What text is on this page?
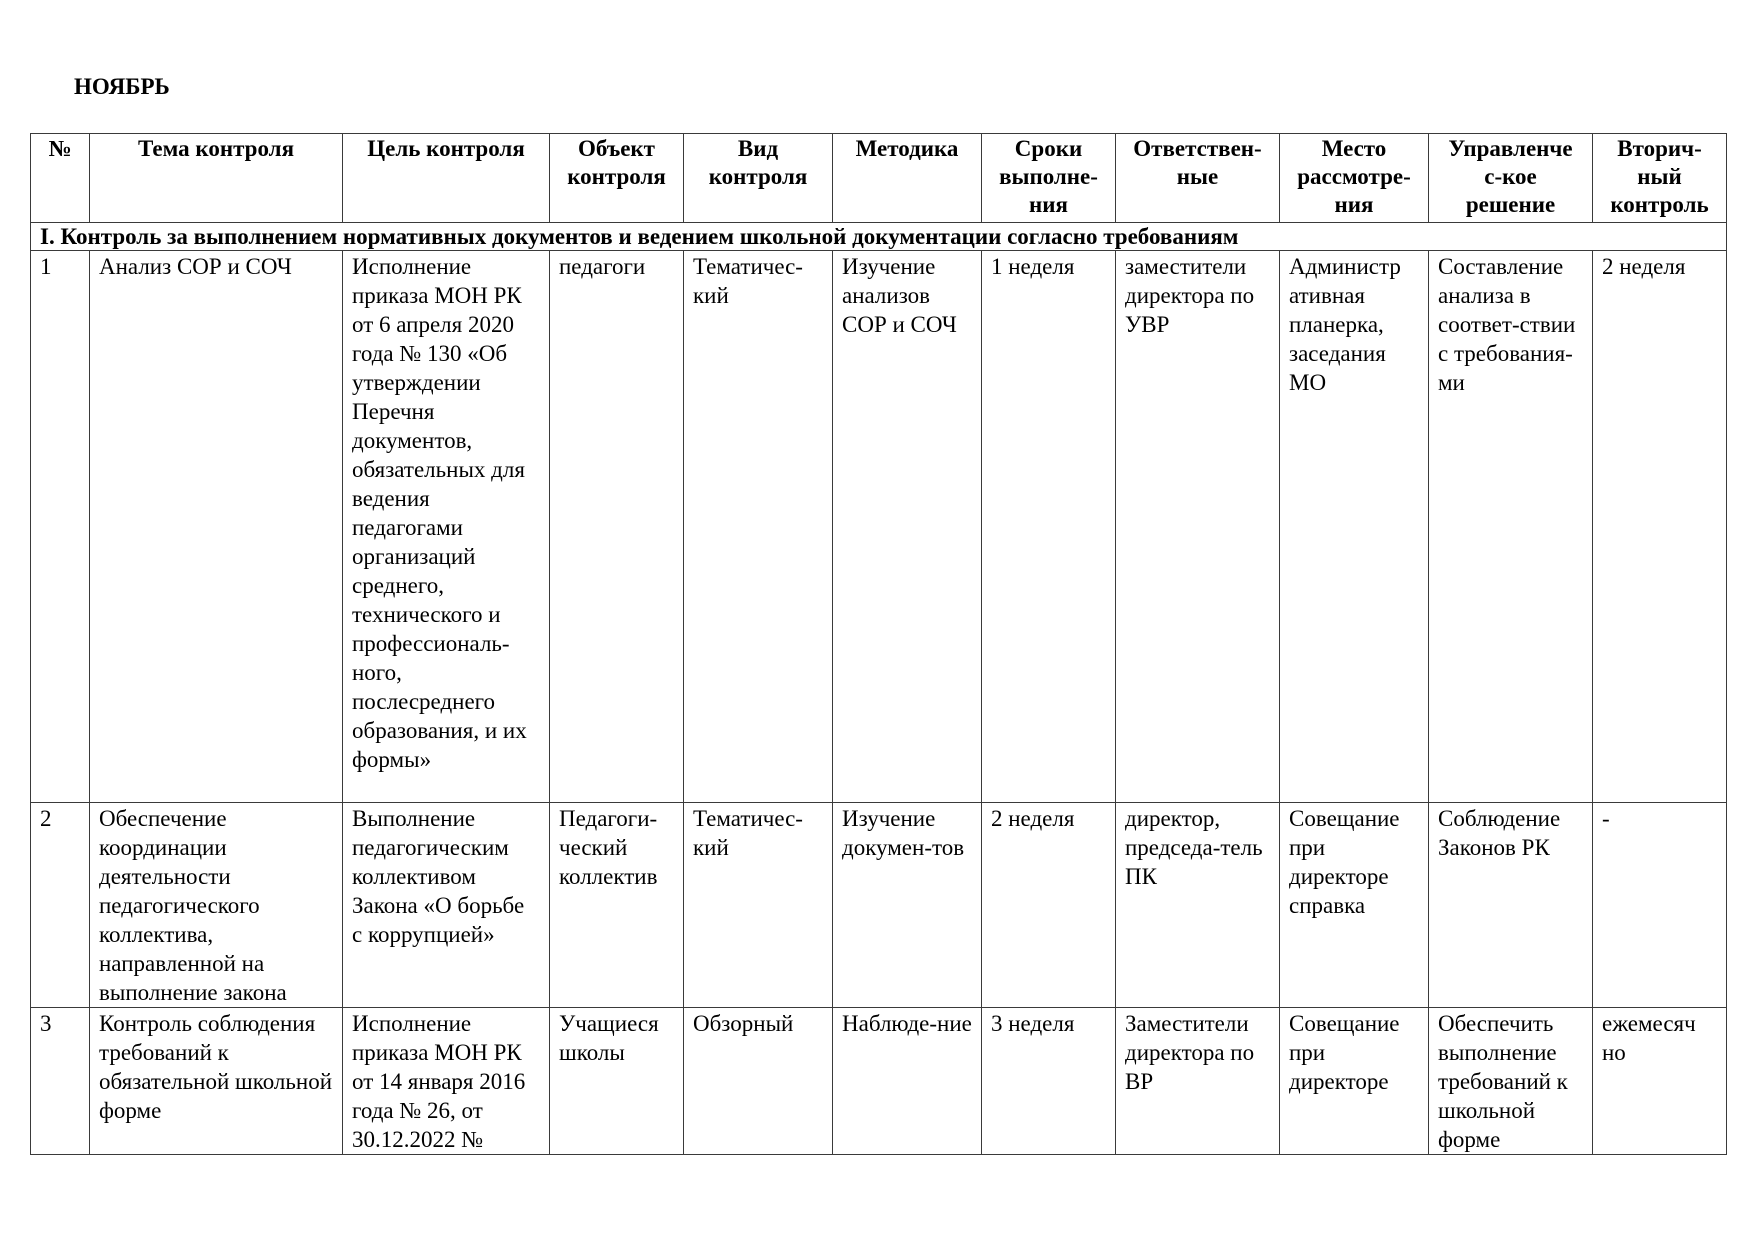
НОЯБРЬ

№	Тема контроля	Цель контроля	Объект контроля	Вид контроля	Методика	Сроки выполне-ния	Ответствен-ные	Место рассмотре-ния	Управленче с-кое решение	Вторич-ный контроль
I. Контроль за выполнением нормативных документов и ведением школьной документации согласно требованиям										
1	Анализ СОР и СОЧ	Исполнение приказа МОН РК от 6 апреля 2020 года № 130 «Об утверждении Перечня документов, обязательных для ведения педагогами организаций среднего, технического и профессиональ-ного, послесреднего образования, и их формы»	педагоги	Тематичес-кий	Изучение анализов СОР и СОЧ	1 неделя	заместители директора по УВР	Администр ативная планерка, заседания МО	Составление анализа в соответ-ствии с требования-ми	2 неделя
2	Обеспечение координации деятельности педагогического коллектива, направленной на выполнение закона	Выполнение педагогическим коллективом Закона «О борьбе с коррупцией»	Педагоги-ческий коллектив	Тематичес-кий	Изучение докумен-тов	2 неделя	директор, председа-тель ПК	Совещание при директоре справка	Соблюдение Законов РК	-
3	Контроль соблюдения требований к обязательной школьной форме	Исполнение приказа МОН РК от 14 января 2016 года № 26, от 30.12.2022 №	Учащиеся школы	Обзорный	Наблюде-ние	3 неделя	Заместители директора по ВР	Совещание при директоре	Обеспечить выполнение требований к школьной форме	ежемесяч но
